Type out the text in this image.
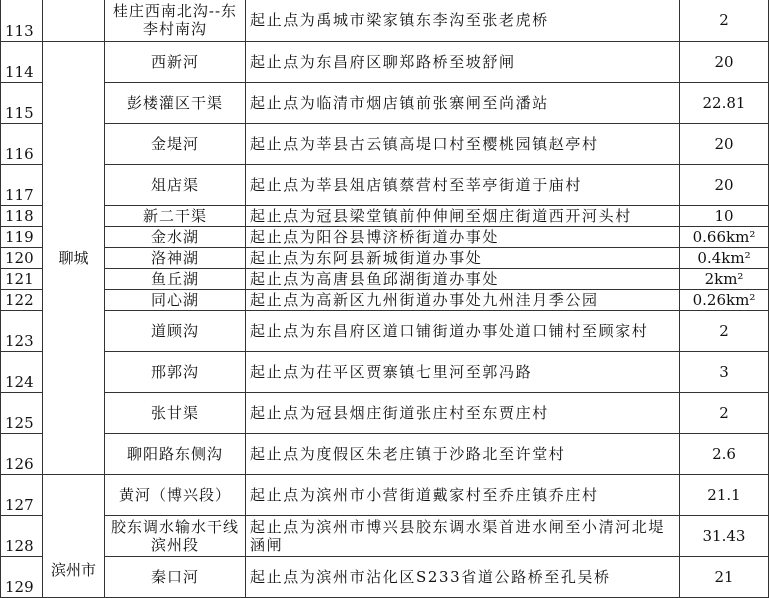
113		桂庄西南北沟--东李村南沟	起止点为禹城市梁家镇东李沟至张老虎桥	2
114	聊城	西新河	起止点为东昌府区聊郑路桥至坡舒闸	20
115		彭楼灌区干渠	起止点为临清市烟店镇前张寨闸至尚潘站	22.81
116		金堤河	起止点为莘县古云镇高堤口村至樱桃园镇赵亭村	20
117		俎店渠	起止点为莘县俎店镇蔡营村至莘亭街道于庙村	20
118		新二干渠	起止点为冠县梁堂镇前仲伸闸至烟庄街道西开河头村	10
119		金水湖	起止点为阳谷县博济桥街道办事处	0.66km²
120		洛神湖	起止点为东阿县新城街道办事处	0.4km²
121		鱼丘湖	起止点为高唐县鱼邱湖街道办事处	2km²
122		同心湖	起止点为高新区九州街道办事处九州洼月季公园	0.26km²
123		道顾沟	起止点为东昌府区道口铺街道办事处道口铺村至顾家村	2
124		邢郭沟	起止点为茌平区贾寨镇七里河至郭冯路	3
125		张甘渠	起止点为冠县烟庄街道张庄村至东贾庄村	2
126		聊阳路东侧沟	起止点为度假区朱老庄镇于沙路北至许堂村	2.6
127	滨州市	黄河（博兴段）	起止点为滨州市小营街道戴家村至乔庄镇乔庄村	21.1
128		胶东调水输水干线滨州段	起止点为滨州市博兴县胶东调水渠首进水闸至小清河北堤涵闸	31.43
129		秦口河	起止点为滨州市沾化区S233省道公路桥至孔吴桥	21
